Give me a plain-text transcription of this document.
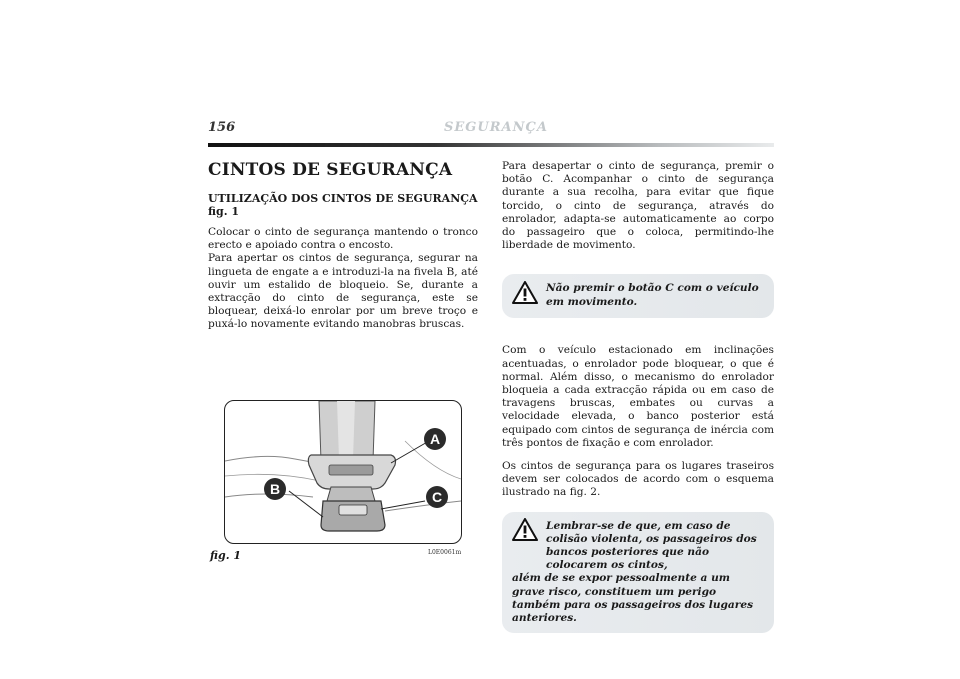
156	SEGURANÇA
CINTOS DE SEGURANÇA
UTILIZAÇÃO DOS CINTOS DE SEGURANÇA fig. 1

Colocar o cinto de segurança mantendo o tronco erecto e apoiado contra o encosto.

Para apertar os cintos de segurança, segurar na lingueta de engate a e introduzi-la na fivela B, até ouvir um estalido de bloqueio. Se, durante a extracção do cinto de segurança, este se bloquear, deixá-lo enrolar por um breve troço e puxá-lo novamente evitando manobras bruscas.

A
B	C
fig. 1	L0E0061m

Para desapertar o cinto de segurança, premir o botão C. Acompanhar o cinto de segurança durante a sua recolha, para evitar que fique torcido, o cinto de segurança, através do enrolador, adapta-se automaticamente ao corpo do passageiro que o coloca, permitindo-lhe liberdade de movimento.

Não premir o botão C com o veículo em movimento.

Com o veículo estacionado em inclinações acentuadas, o enrolador pode bloquear, o que é normal. Além disso, o mecanismo do enrolador bloqueia a cada extracção rápida ou em caso de travagens bruscas, embates ou curvas a velocidade elevada, o banco posterior está equipado com cintos de segurança de inércia com três pontos de fixação e com enrolador.

Os cintos de segurança para os lugares traseiros devem ser colocados de acordo com o esquema ilustrado na fig. 2.

Lembrar-se de que, em caso de colisão violenta, os passageiros dos bancos posteriores que não colocarem os cintos,
além de se expor pessoalmente a um grave risco, constituem um perigo também para os passageiros dos lugares anteriores.
